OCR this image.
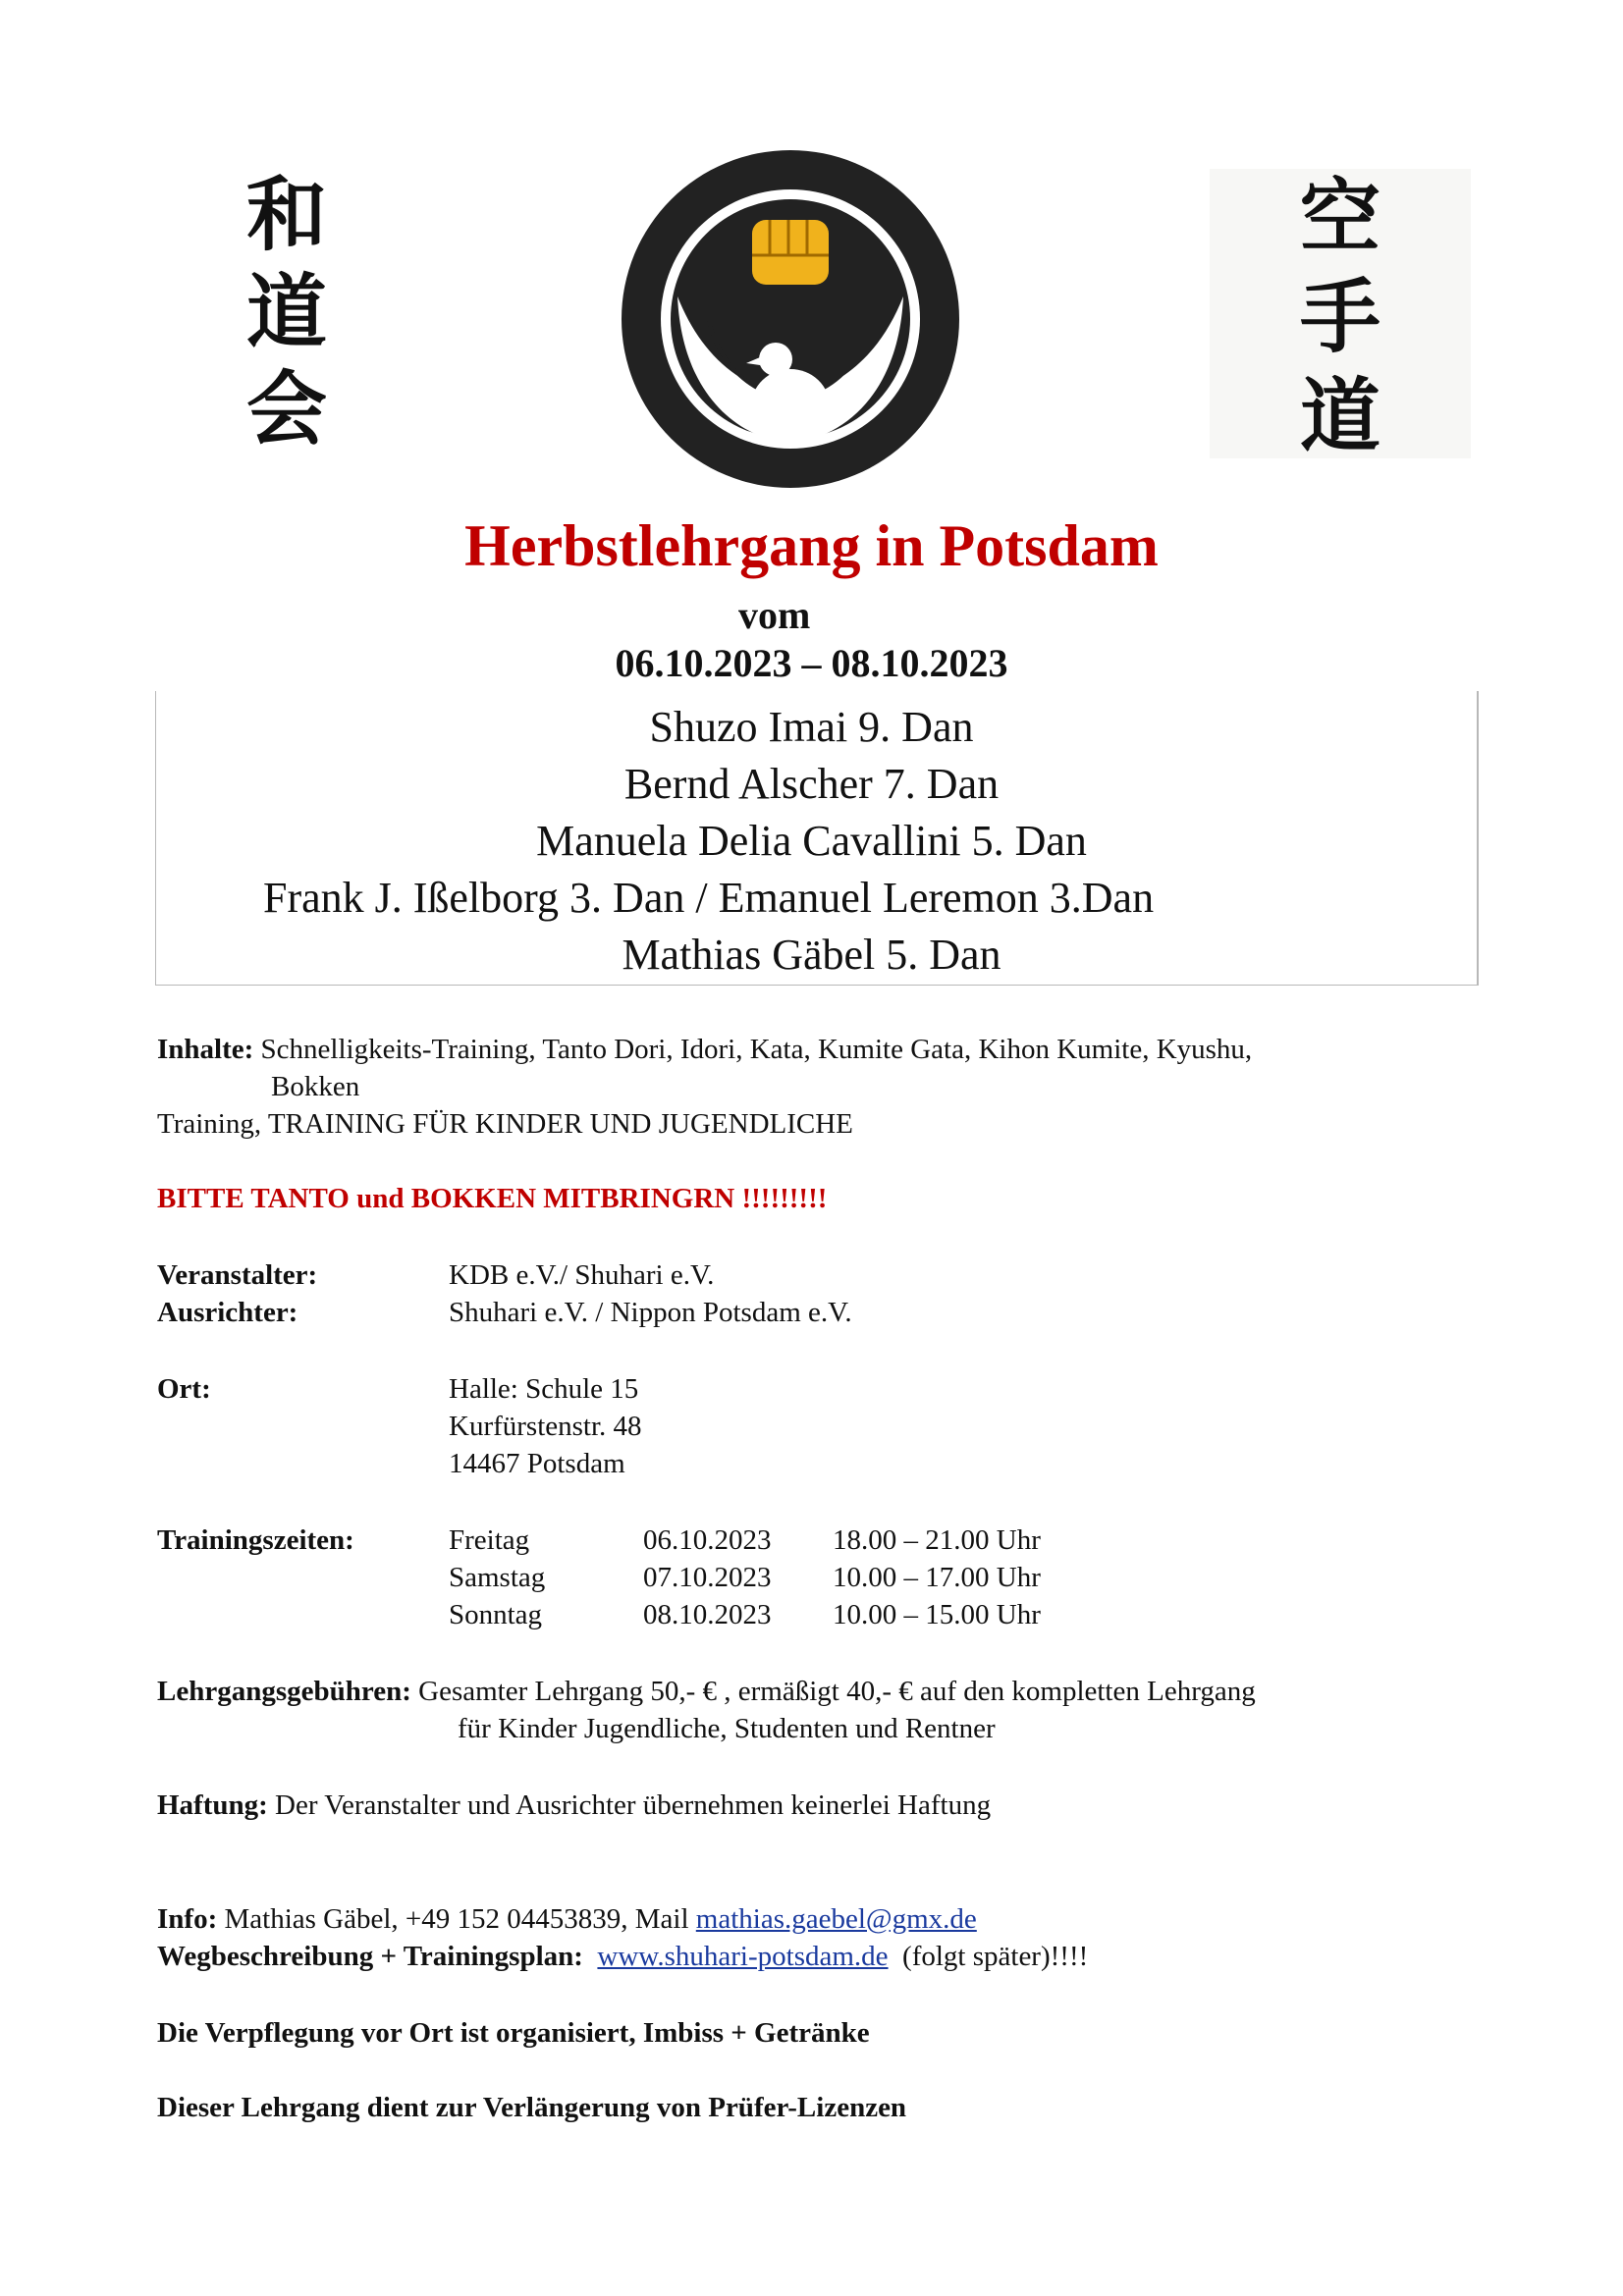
和
道
会
空
手
道
Herbstlehrgang in Potsdam
vom
06.10.2023 – 08.10.2023
Shuzo Imai 9. Dan
Bernd Alscher 7. Dan
Manuela Delia Cavallini 5. Dan
Frank J. Ißelborg 3. Dan / Emanuel Leremon 3.Dan
Mathias Gäbel 5. Dan
Inhalte: Schnelligkeits-Training, Tanto Dori, Idori, Kata, Kumite Gata, Kihon Kumite, Kyushu,
Bokken
Training, TRAINING FÜR KINDER UND JUGENDLICHE
BITTE TANTO und BOKKEN MITBRINGRN !!!!!!!!!
Veranstalter:	KDB e.V./ Shuhari e.V.
Ausrichter:	Shuhari e.V. / Nippon Potsdam e.V.
Ort:	Halle: Schule 15
Kurfürstenstr. 48
14467 Potsdam
Trainingszeiten:	Freitag	06.10.2023 18.00 – 21.00 Uhr
Samstag	07.10.2023 10.00 – 17.00 Uhr
Sonntag	08.10.2023 10.00 – 15.00 Uhr
Lehrgangsgebühren: Gesamter Lehrgang 50,- € , ermäßigt 40,- € auf den kompletten Lehrgang
für Kinder Jugendliche, Studenten und Rentner
Haftung: Der Veranstalter und Ausrichter übernehmen keinerlei Haftung
Info: Mathias Gäbel, +49 152 04453839, Mail mathias.gaebel@gmx.de
Wegbeschreibung + Trainingsplan: www.shuhari-potsdam.de (folgt später)!!!!
Die Verpflegung vor Ort ist organisiert, Imbiss + Getränke
Dieser Lehrgang dient zur Verlängerung von Prüfer-Lizenzen
